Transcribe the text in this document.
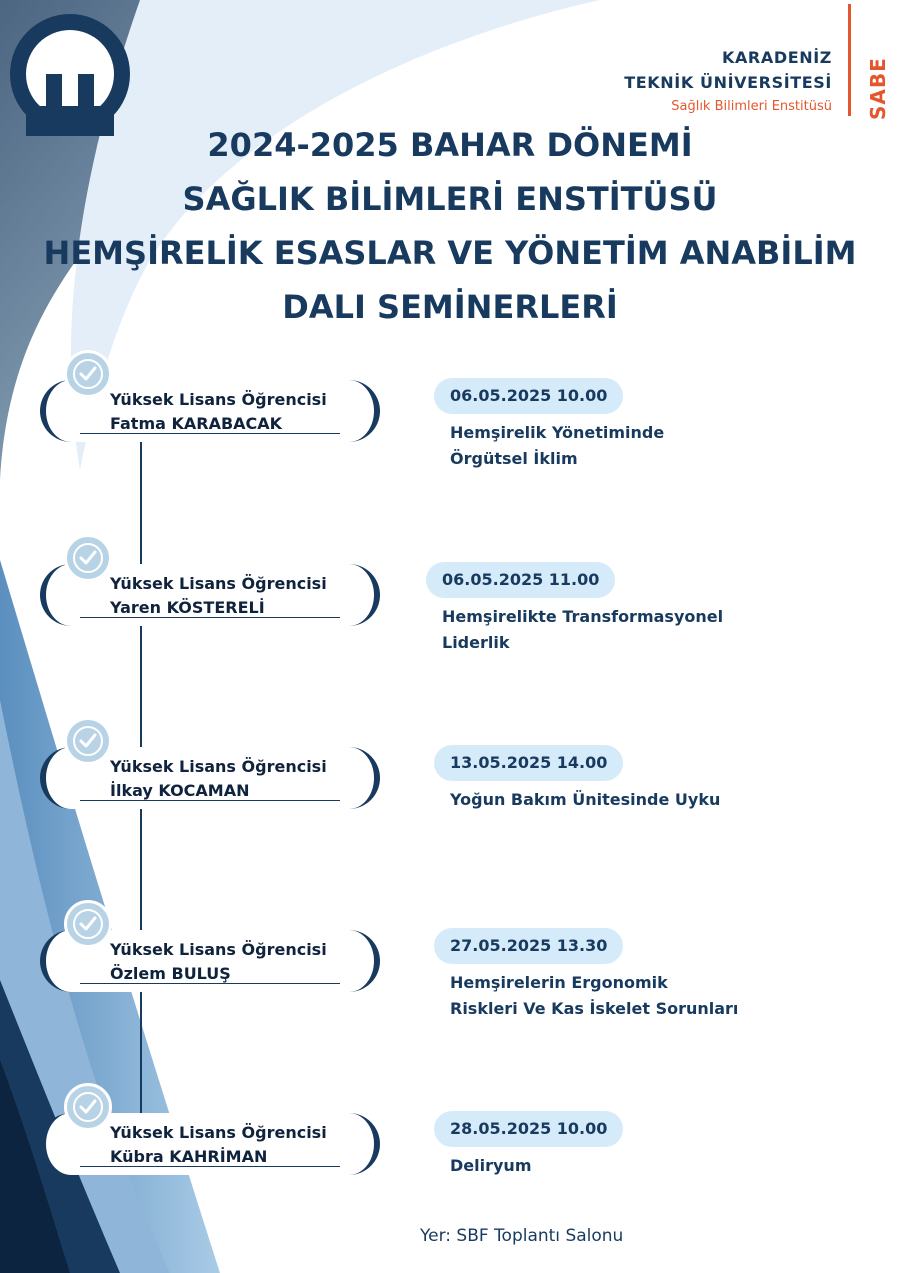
KARADENİZ
TEKNİK ÜNİVERSİTESİ
Sağlık Bilimleri Enstitüsü SABE
2024-2025 BAHAR DÖNEMİ
SAĞLIK BİLİMLERİ ENSTİTÜSÜ
HEMŞİRELİK ESASLAR VE YÖNETİM ANABİLİM
DALI SEMİNERLERİ
Yüksek Lisans Öğrencisi
Fatma KARABACAK
06.05.2025 10.00
Hemşirelik Yönetiminde
Örgütsel İklim
Yüksek Lisans Öğrencisi
Yaren KÖSTERELİ
06.05.2025 11.00
Hemşirelikte Transformasyonel
Liderlik
Yüksek Lisans Öğrencisi
İlkay KOCAMAN
13.05.2025 14.00
Yoğun Bakım Ünitesinde Uyku
Yüksek Lisans Öğrencisi
Özlem BULUŞ
27.05.2025 13.30
Hemşirelerin Ergonomik
Riskleri Ve Kas İskelet Sorunları
Yüksek Lisans Öğrencisi
Kübra KAHRİMAN
28.05.2025 10.00
Deliryum
Yer: SBF Toplantı Salonu
